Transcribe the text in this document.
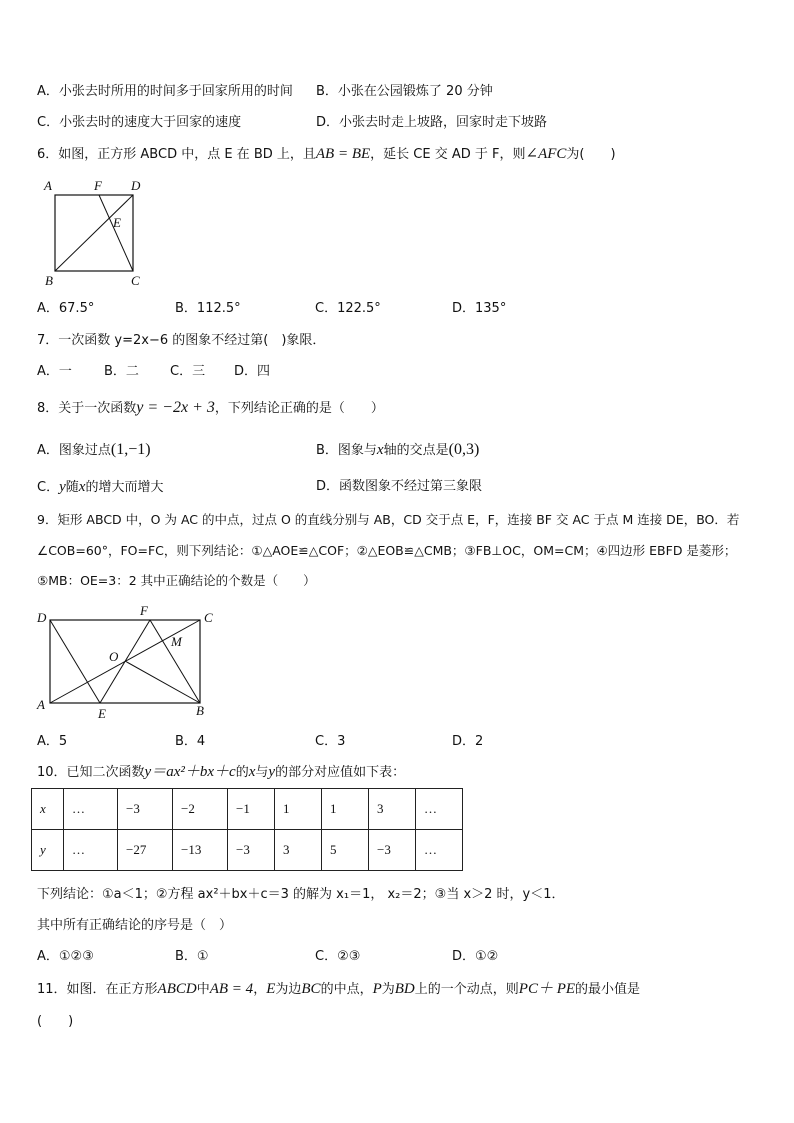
A．小张去时所用的时间多于回家所用的时间 B．小张在公园锻炼了 20 分钟
C．小张去时的速度大于回家的速度	D．小张去时走上坡路，回家时走下坡路
6．如图，正方形 ABCD 中，点 E 在 BD 上，且AB = BE，延长 CE 交 AD 于 F，则∠AFC为(　　)
A	F D
E
B	C
A．67.5°	B．112.5°	C．122.5°	D．135°
7．一次函数 y=2x−6 的图象不经过第(　)象限．
A．一 B．二 C．三 D．四
8．关于一次函数y = −2x + 3，下列结论正确的是（　　）
A．图象过点(1,−1)	B．图象与x轴的交点是(0,3)
C．y随x的增大而增大	D．函数图象不经过第三象限
9．矩形 ABCD 中，O 为 AC 的中点，过点 O 的直线分别与 AB，CD 交于点 E，F，连接 BF 交 AC 于点 M 连接 DE，BO．若
∠COB=60°，FO=FC，则下列结论：①△AOE≌△COF；②△EOB≌△CMB；③FB⊥OC，OM=CM；④四边形 EBFD 是菱形；
⑤MB：OE=3：2 其中正确结论的个数是（　　）
D	F	C
O
M
A
E	B
A．5	B．4	C．3	D．2
10．已知二次函数y＝ax²＋bx＋c的x与y的部分对应值如下表：
x	…	−3	−2	−1	1	1	3	…
y	…	−27	−13	−3	3	5	−3	…
下列结论：①a＜1；②方程 ax²＋bx＋c＝3 的解为 x₁＝1， x₂＝2；③当 x＞2 时，y＜1．
其中所有正确结论的序号是（　）
A．①②③	B．①	C．②③	D．①②
11．如图．在正方形ABCD中AB = 4，E为边BC的中点，P为BD上的一个动点，则PC＋ PE的最小值是
(　　)
